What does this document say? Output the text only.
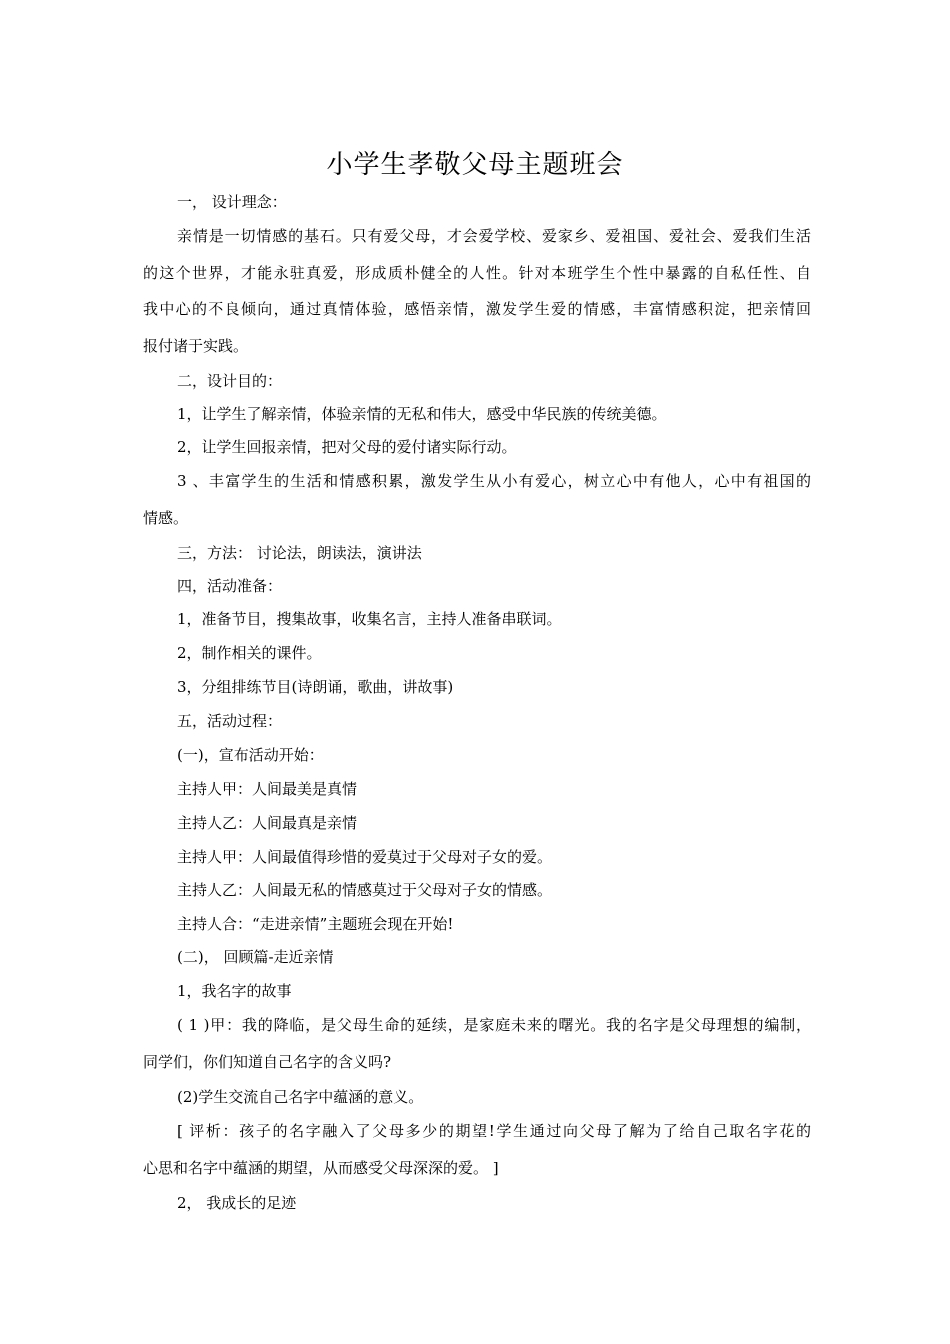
小学生孝敬父母主题班会
一， 设计理念：
亲情是一切情感的基石。只有爱父母，才会爱学校、爱家乡、爱祖国、爱社会、爱我们生活
的这个世界，才能永驻真爱，形成质朴健全的人性。针对本班学生个性中暴露的自私任性、自
我中心的不良倾向，通过真情体验，感悟亲情，激发学生爱的情感，丰富情感积淀，把亲情回
报付诸于实践。
二，设计目的：
1，让学生了解亲情，体验亲情的无私和伟大，感受中华民族的传统美德。
2，让学生回报亲情，把对父母的爱付诸实际行动。
3 、丰富学生的生活和情感积累，激发学生从小有爱心，树立心中有他人，心中有祖国的
情感。
三，方法： 讨论法，朗读法，演讲法
四，活动准备：
1，准备节目，搜集故事，收集名言，主持人准备串联词。
2，制作相关的课件。
3，分组排练节目(诗朗诵，歌曲，讲故事)
五，活动过程：
(一)，宣布活动开始：
主持人甲：人间最美是真情
主持人乙：人间最真是亲情
主持人甲：人间最值得珍惜的爱莫过于父母对子女的爱。
主持人乙：人间最无私的情感莫过于父母对子女的情感。
主持人合：“走进亲情”主题班会现在开始!
(二)， 回顾篇-走近亲情
1，我名字的故事
( 1 )甲：我的降临，是父母生命的延续，是家庭未来的曙光。我的名字是父母理想的编制，
同学们，你们知道自己名字的含义吗?
(2)学生交流自己名字中蕴涵的意义。
[ 评析：孩子的名字融入了父母多少的期望!学生通过向父母了解为了给自己取名字花的
心思和名字中蕴涵的期望，从而感受父母深深的爱。 ]
2， 我成长的足迹
